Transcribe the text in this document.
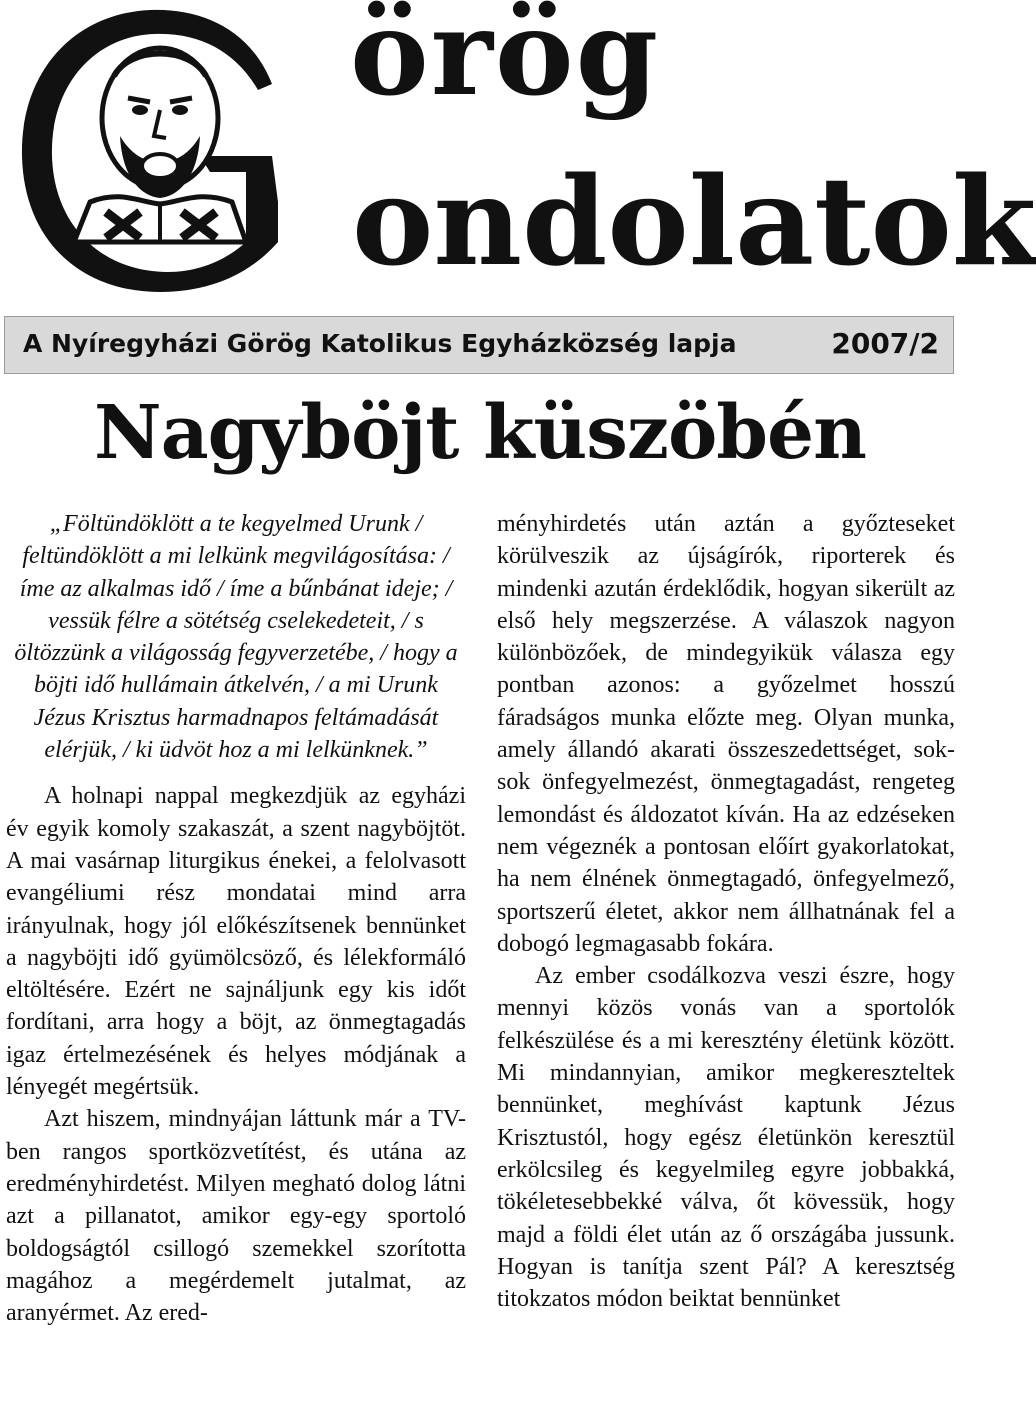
örög
ondolatok
A Nyíregyházi Görög Katolikus Egyházközség lapja	2007/2
Nagyböjt küszöbén

„Föltündöklött a te kegyelmed Urunk / feltündöklött a mi lelkünk megvilágosítása: / íme az alkalmas idő / íme a bűnbánat ideje; / vessük félre a sötétség cselekedeteit, / s öltözzünk a világosság fegyverzetébe, / hogy a böjti idő hullámain átkelvén, / a mi Urunk Jézus Krisztus harmadnapos feltámadását elérjük, / ki üdvöt hoz a mi lelkünknek.”

A holnapi nappal megkezdjük az egyházi év egyik komoly szakaszát, a szent nagyböjtöt. A mai vasárnap liturgikus énekei, a felolvasott evangéliumi rész mondatai mind arra irányulnak, hogy jól előkészítsenek bennünket a nagyböjti idő gyümölcsöző, és lélekformáló eltöltésére. Ezért ne sajnáljunk egy kis időt fordítani, arra hogy a böjt, az önmegtagadás igaz értelmezésének és helyes módjának a lényegét megértsük.

Azt hiszem, mindnyájan láttunk már a TV-ben rangos sportközvetítést, és utána az eredményhirdetést. Milyen megható dolog látni azt a pillanatot, amikor egy-egy sportoló boldogságtól csillogó szemekkel szorította magához a megérdemelt jutalmat, az aranyérmet. Az ered-

ményhirdetés után aztán a győzteseket körülveszik az újságírók, riporterek és mindenki azután érdeklődik, hogyan sikerült az első hely megszerzése. A válaszok nagyon különbözőek, de mindegyikük válasza egy pontban azonos: a győzelmet hosszú fáradságos munka előzte meg. Olyan munka, amely állandó akarati összeszedettséget, sok-sok önfegyelmezést, önmegtagadást, rengeteg lemondást és áldozatot kíván. Ha az edzéseken nem végeznék a pontosan előírt gyakorlatokat, ha nem élnének önmegtagadó, önfegyelmező, sportszerű életet, akkor nem állhatnának fel a dobogó legmagasabb fokára.

Az ember csodálkozva veszi észre, hogy mennyi közös vonás van a sportolók felkészülése és a mi keresztény életünk között. Mi mindannyian, amikor megkereszteltek bennünket, meghívást kaptunk Jézus Krisztustól, hogy egész életünkön keresztül erkölcsileg és kegyelmileg egyre jobbakká, tökéletesebbekké válva, őt kövessük, hogy majd a földi élet után az ő országába jussunk. Hogyan is tanítja szent Pál? A keresztség titokzatos módon beiktat bennünket
